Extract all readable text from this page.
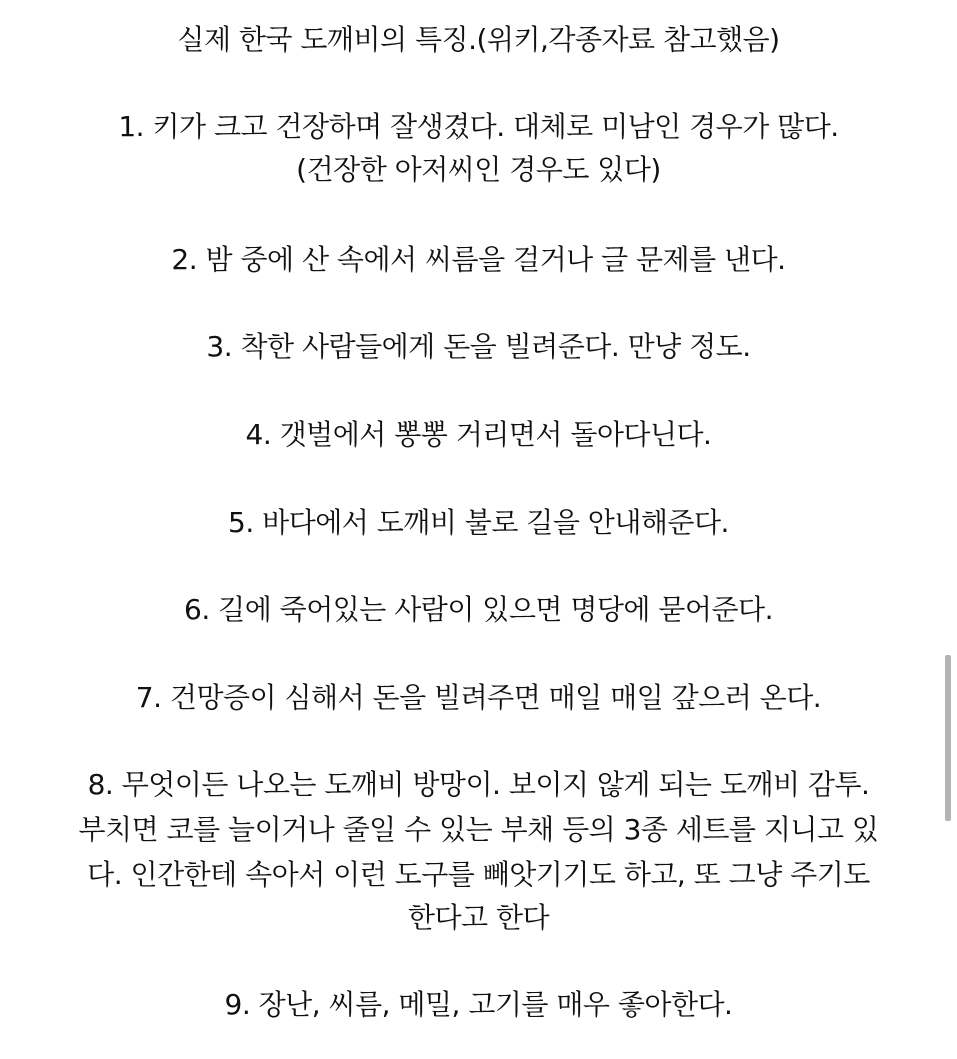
실제 한국 도깨비의 특징.(위키,각종자료 참고했음)
1. 키가 크고 건장하며 잘생겼다. 대체로 미남인 경우가 많다.
(건장한 아저씨인 경우도 있다)
2. 밤 중에 산 속에서 씨름을 걸거나 글 문제를 낸다.
3. 착한 사람들에게 돈을 빌려준다. 만냥 정도.
4. 갯벌에서 뽕뽕 거리면서 돌아다닌다.
5. 바다에서 도깨비 불로 길을 안내해준다.
6. 길에 죽어있는 사람이 있으면 명당에 묻어준다.
7. 건망증이 심해서 돈을 빌려주면 매일 매일 갚으러 온다.
8. 무엇이든 나오는 도깨비 방망이. 보이지 않게 되는 도깨비 감투.
부치면 코를 늘이거나 줄일 수 있는 부채 등의 3종 세트를 지니고 있
다. 인간한테 속아서 이런 도구를 빼앗기기도 하고, 또 그냥 주기도
한다고 한다
9. 장난, 씨름, 메밀, 고기를 매우 좋아한다.
